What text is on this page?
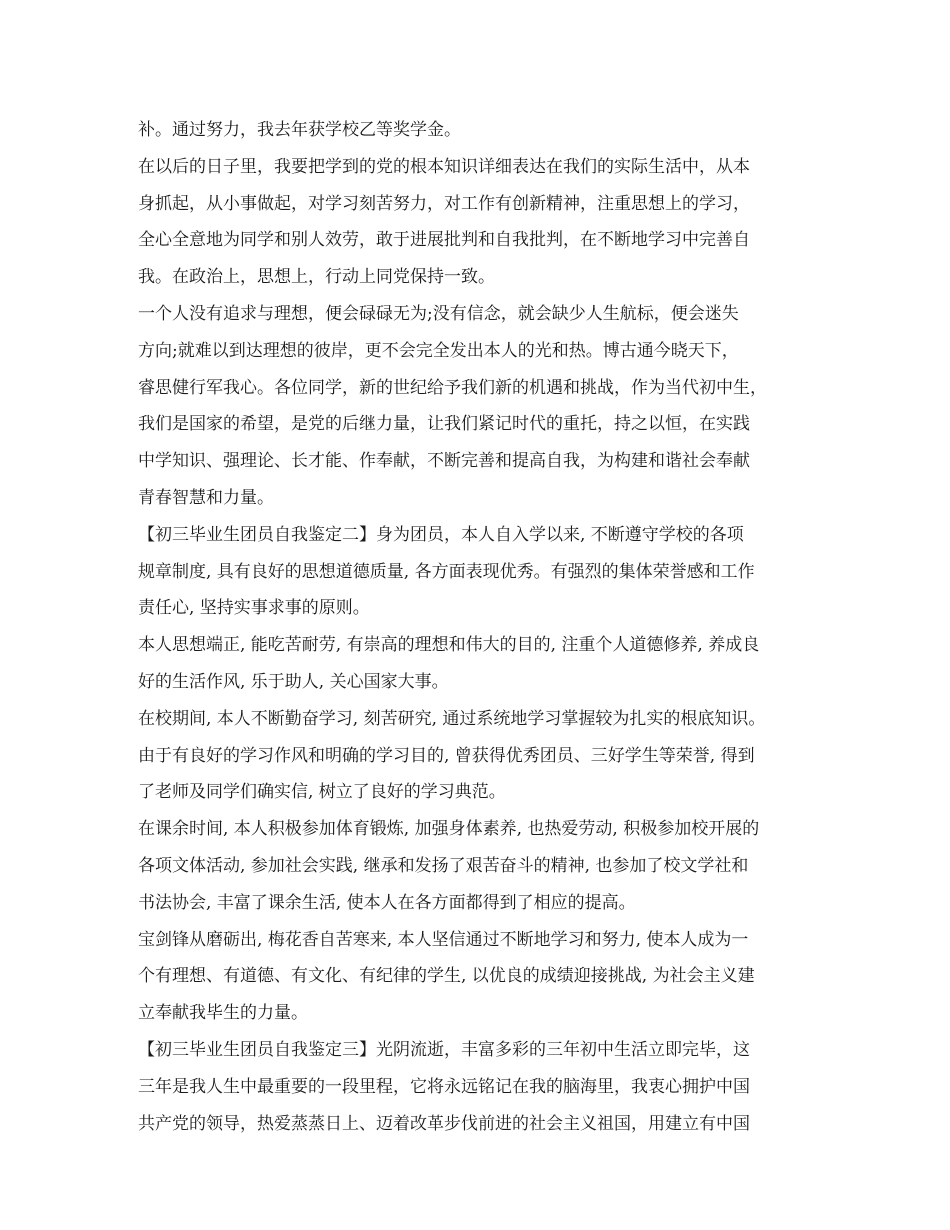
补。通过努力，我去年获学校乙等奖学金。
在以后的日子里，我要把学到的党的根本知识详细表达在我们的实际生活中，从本
身抓起，从小事做起，对学习刻苦努力，对工作有创新精神，注重思想上的学习，
全心全意地为同学和别人效劳，敢于进展批判和自我批判，在不断地学习中完善自
我。在政治上，思想上，行动上同党保持一致。
一个人没有追求与理想，便会碌碌无为;没有信念，就会缺少人生航标，便会迷失
方向;就难以到达理想的彼岸，更不会完全发出本人的光和热。博古通今晓天下，
睿思健行军我心。各位同学，新的世纪给予我们新的机遇和挑战，作为当代初中生，
我们是国家的希望，是党的后继力量，让我们紧记时代的重托，持之以恒，在实践
中学知识、强理论、长才能、作奉献，不断完善和提高自我，为构建和谐社会奉献
青春智慧和力量。
【初三毕业生团员自我鉴定二】身为团员，本人自入学以来, 不断遵守学校的各项
规章制度, 具有良好的思想道德质量, 各方面表现优秀。有强烈的集体荣誉感和工作
责任心, 坚持实事求事的原则。
本人思想端正, 能吃苦耐劳, 有崇高的理想和伟大的目的, 注重个人道德修养, 养成良
好的生活作风, 乐于助人, 关心国家大事。
在校期间, 本人不断勤奋学习, 刻苦研究, 通过系统地学习掌握较为扎实的根底知识。
由于有良好的学习作风和明确的学习目的, 曾获得优秀团员、三好学生等荣誉, 得到
了老师及同学们确实信, 树立了良好的学习典范。
在课余时间, 本人积极参加体育锻炼, 加强身体素养, 也热爱劳动, 积极参加校开展的
各项文体活动, 参加社会实践, 继承和发扬了艰苦奋斗的精神, 也参加了校文学社和
书法协会, 丰富了课余生活, 使本人在各方面都得到了相应的提高。
宝剑锋从磨砺出, 梅花香自苦寒来, 本人坚信通过不断地学习和努力, 使本人成为一
个有理想、有道德、有文化、有纪律的学生, 以优良的成绩迎接挑战, 为社会主义建
立奉献我毕生的力量。
【初三毕业生团员自我鉴定三】光阴流逝，丰富多彩的三年初中生活立即完毕，这
三年是我人生中最重要的一段里程，它将永远铭记在我的脑海里，我衷心拥护中国
共产党的领导，热爱蒸蒸日上、迈着改革步伐前进的社会主义祖国，用建立有中国
